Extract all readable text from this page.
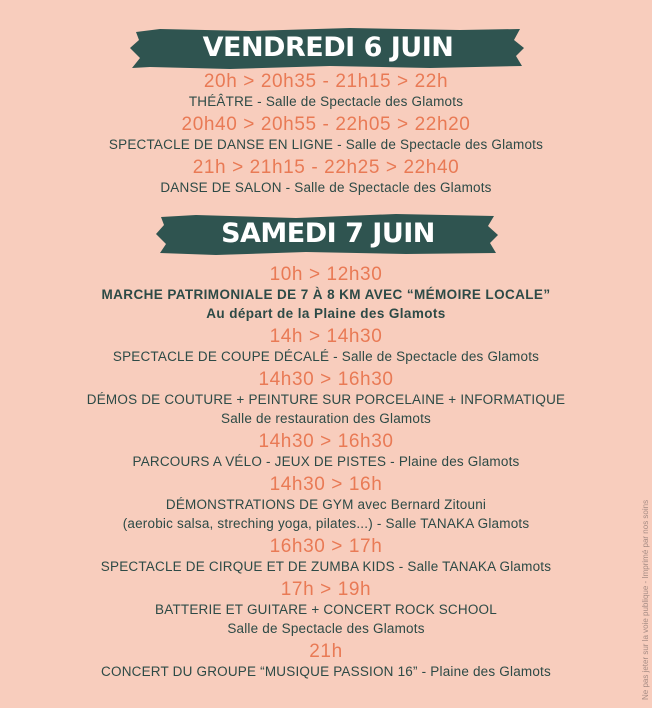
VENDREDI 6 JUIN

20h > 20h35 - 21h15 > 22h

THÉÂTRE - Salle de Spectacle des Glamots

20h40 > 20h55 - 22h05 > 22h20

SPECTACLE DE DANSE EN LIGNE - Salle de Spectacle des Glamots

21h > 21h15 - 22h25 > 22h40

DANSE DE SALON - Salle de Spectacle des Glamots

SAMEDI 7 JUIN

10h > 12h30

MARCHE PATRIMONIALE DE 7 À 8 KM AVEC “MÉMOIRE LOCALE”

Au départ de la Plaine des Glamots

14h > 14h30

SPECTACLE DE COUPE DÉCALÉ - Salle de Spectacle des Glamots

14h30 > 16h30

DÉMOS DE COUTURE + PEINTURE SUR PORCELAINE + INFORMATIQUE

Salle de restauration des Glamots

14h30 > 16h30

PARCOURS A VÉLO - JEUX DE PISTES - Plaine des Glamots

14h30 > 16h

DÉMONSTRATIONS DE GYM avec Bernard Zitouni

(aerobic salsa, streching yoga, pilates...) - Salle TANAKA Glamots

16h30 > 17h

SPECTACLE DE CIRQUE ET DE ZUMBA KIDS - Salle TANAKA Glamots

17h > 19h

BATTERIE ET GUITARE + CONCERT ROCK SCHOOL

Salle de Spectacle des Glamots

21h

CONCERT DU GROUPE “MUSIQUE PASSION 16” - Plaine des Glamots	Ne pas jeter sur la voie publique - Imprimé par nos soins
